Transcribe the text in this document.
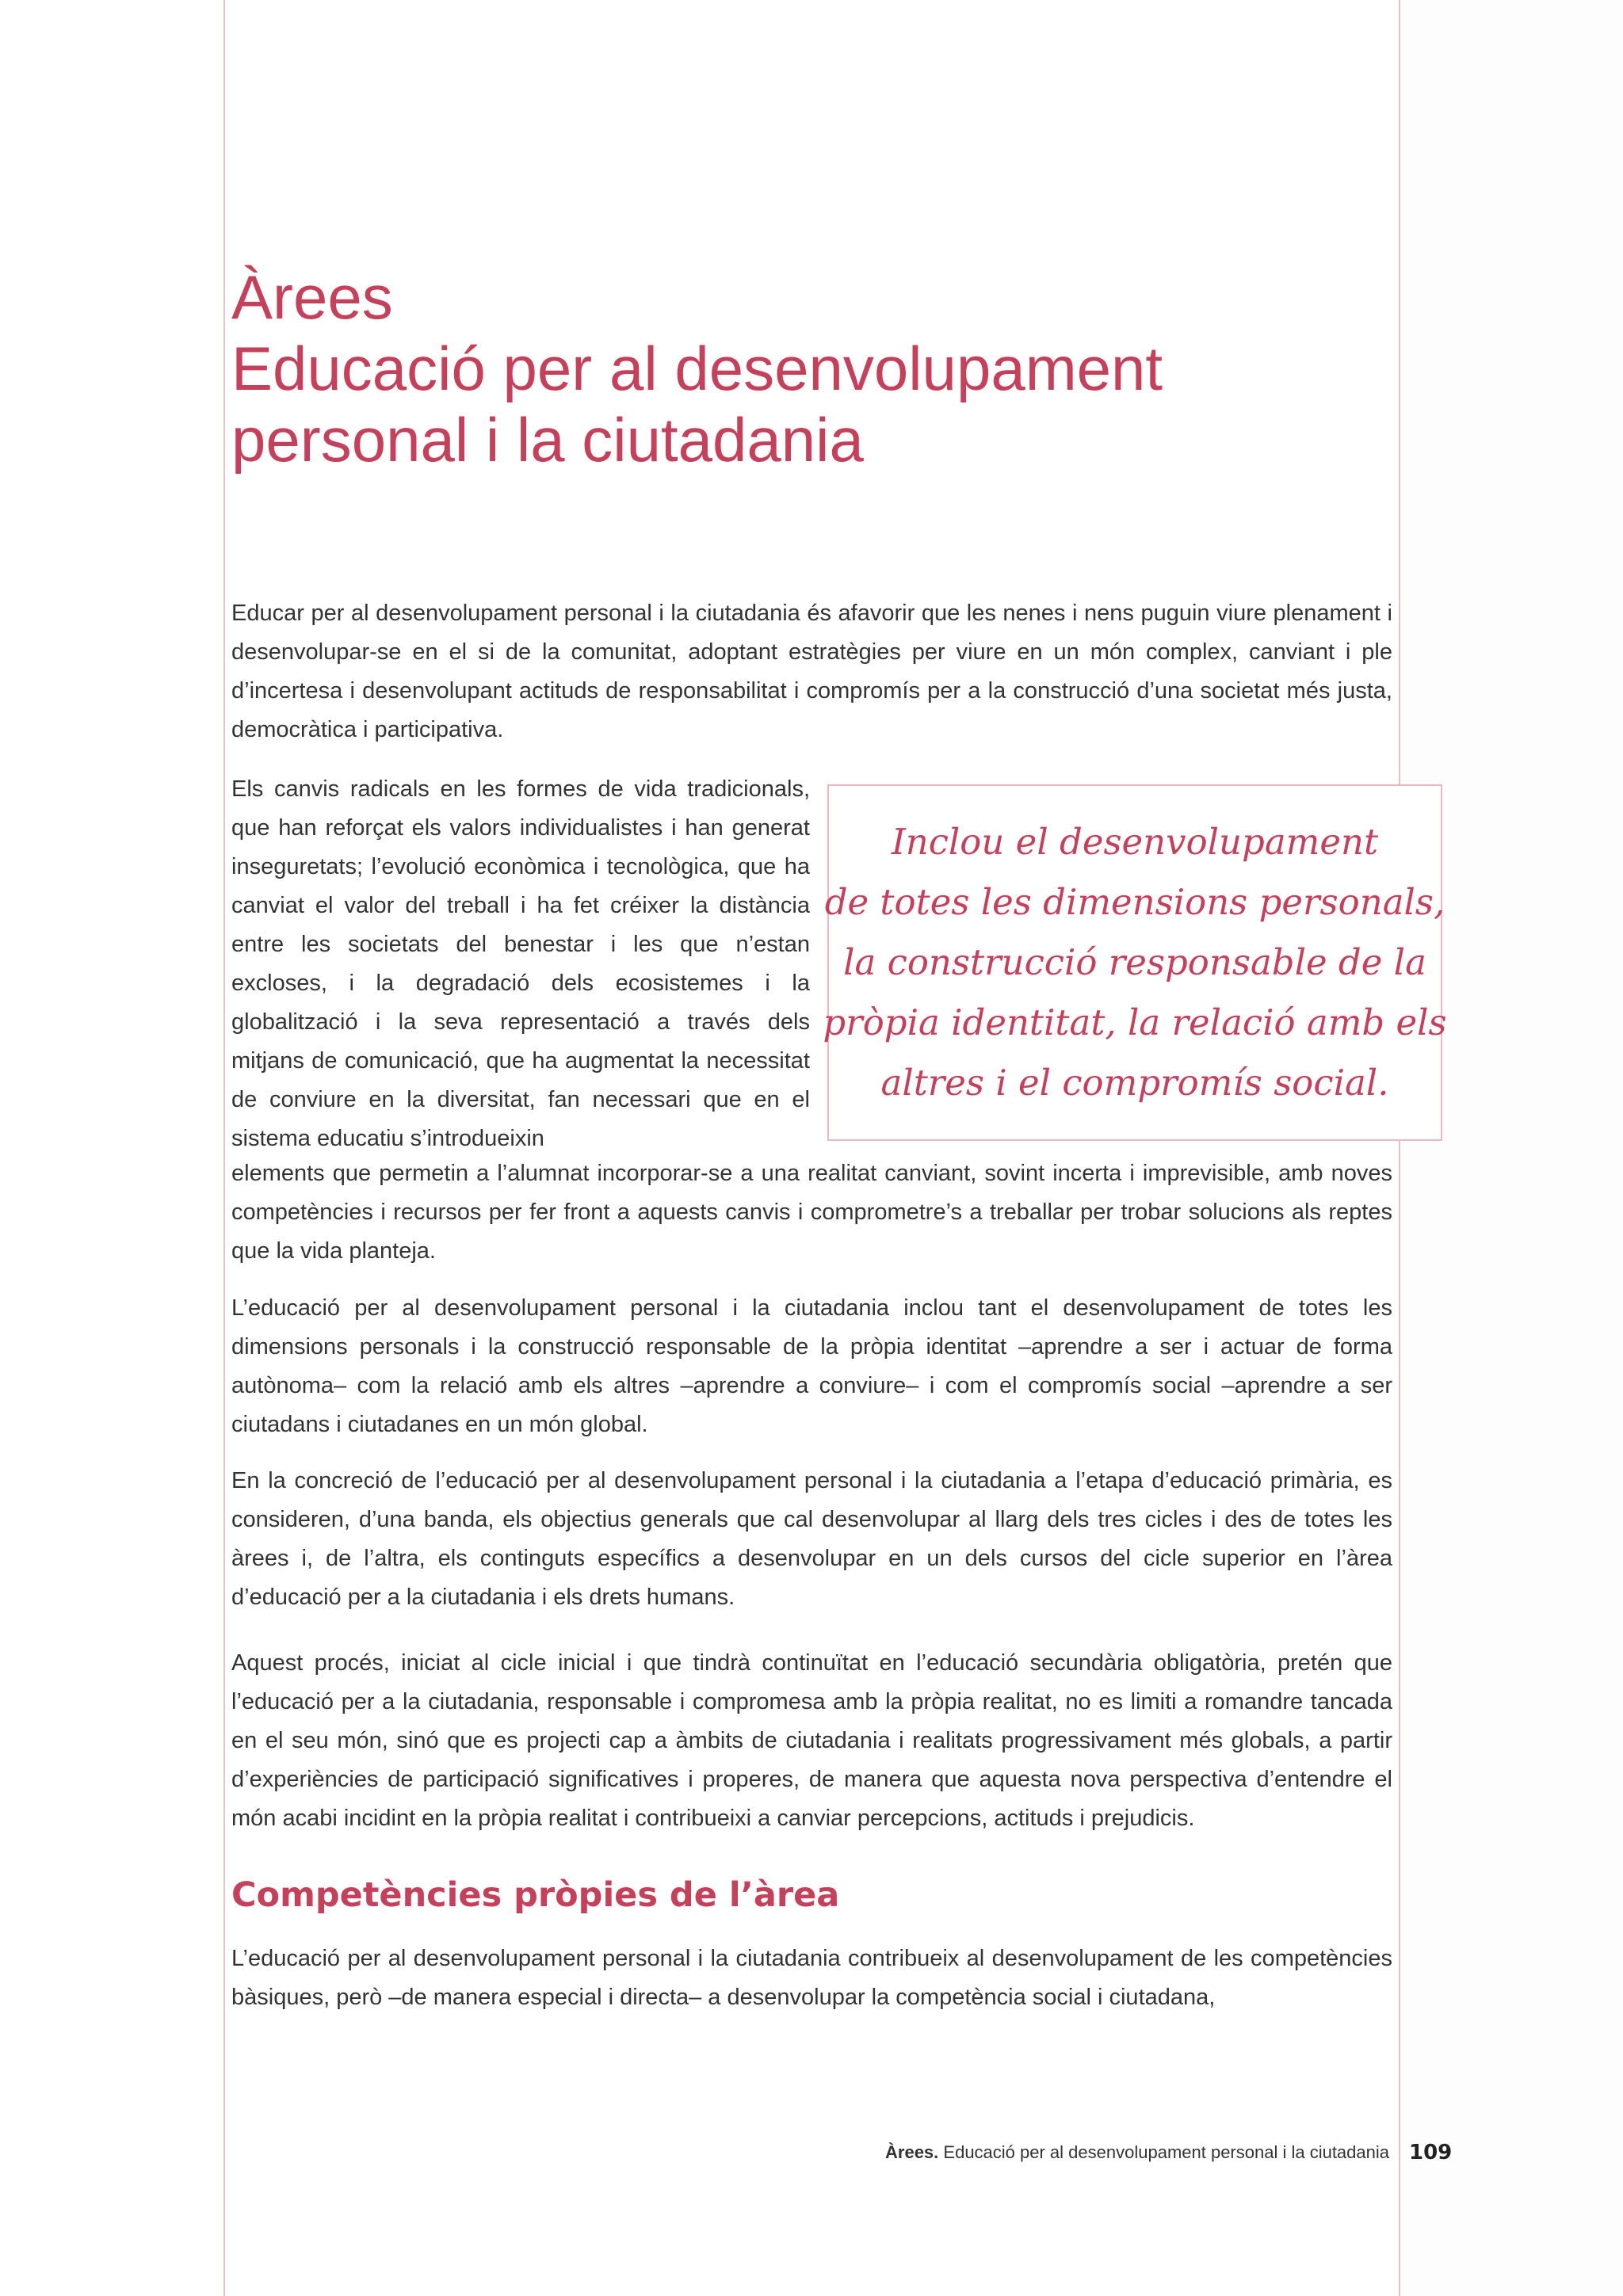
Àrees
Educació per al desenvolupament
personal i la ciutadania

Educar per al desenvolupament personal i la ciutadania és afavorir que les nenes i nens puguin viure plenament i desenvolupar-se en el si de la comunitat, adoptant estratègies per viure en un món complex, canviant i ple d’incertesa i desenvolupant actituds de responsabilitat i compromís per a la construcció d’una societat més justa, democràtica i participativa.

Els canvis radicals en les formes de vida tradicionals, que han reforçat els valors individualistes i han generat inseguretats; l’evolució econòmica i tecnològica, que ha canviat el valor del treball i ha fet créixer la distància entre les societats del benestar i les que n’estan excloses, i la degradació dels ecosistemes i la globalització i la seva representació a través dels mitjans de comunicació, que ha augmentat la necessitat de conviure en la diversitat, fan necessari que en el sistema educatiu s’introdueixin

Inclou el desenvolupament
de totes les dimensions personals,
la construcció responsable de la
pròpia identitat, la relació amb els
altres i el compromís social.

elements que permetin a l’alumnat incorporar-se a una realitat canviant, sovint incerta i imprevisible, amb noves competències i recursos per fer front a aquests canvis i comprometre’s a treballar per trobar solucions als reptes que la vida planteja.

L’educació per al desenvolupament personal i la ciutadania inclou tant el desenvolupament de totes les dimensions personals i la construcció responsable de la pròpia identitat –aprendre a ser i actuar de forma autònoma– com la relació amb els altres –aprendre a conviure– i com el compromís social –aprendre a ser ciutadans i ciutadanes en un món global.

En la concreció de l’educació per al desenvolupament personal i la ciutadania a l’etapa d’educació primària, es consideren, d’una banda, els objectius generals que cal desenvolupar al llarg dels tres cicles i des de totes les àrees i, de l’altra, els continguts específics a desenvolupar en un dels cursos del cicle superior en l’àrea d’educació per a la ciutadania i els drets humans.

Aquest procés, iniciat al cicle inicial i que tindrà continuïtat en l’educació secundària obligatòria, pretén que l’educació per a la ciutadania, responsable i compromesa amb la pròpia realitat, no es limiti a romandre tancada en el seu món, sinó que es projecti cap a àmbits de ciutadania i realitats progressivament més globals, a partir d’experiències de participació significatives i properes, de manera que aquesta nova perspectiva d’entendre el món acabi incidint en la pròpia realitat i contribueixi a canviar percepcions, actituds i prejudicis.

Competències pròpies de l’àrea

L’educació per al desenvolupament personal i la ciutadania contribueix al desenvolupament de les competències bàsiques, però –de manera especial i directa– a desenvolupar la competència social i ciutadana,

Àrees. Educació per al desenvolupament personal i la ciutadania 109
